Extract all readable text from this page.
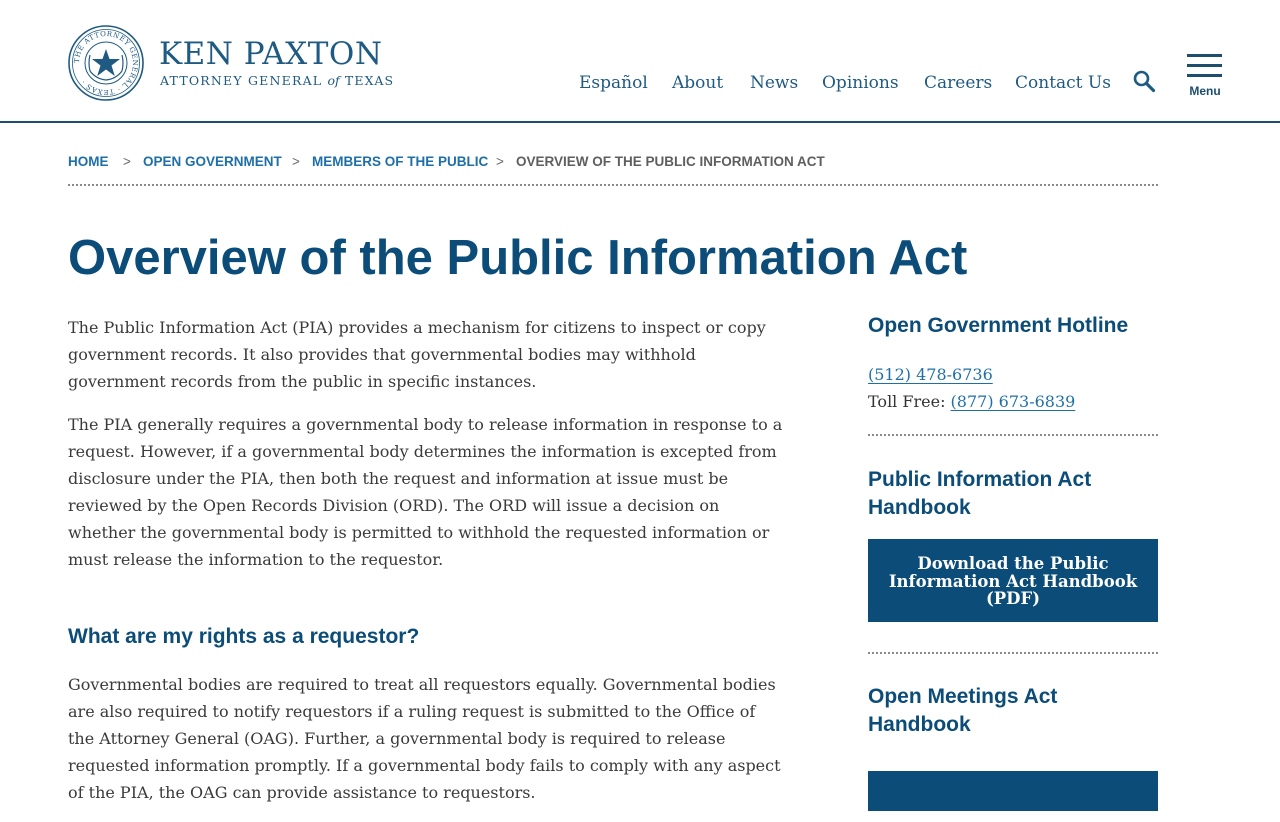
THE ATTORNEY GENERAL · TEXAS ·
KEN PAXTON
ATTORNEY GENERAL of TEXAS	Español About News Opinions Careers Contact Us	Menu
HOME > OPEN GOVERNMENT > MEMBERS OF THE PUBLIC > OVERVIEW OF THE PUBLIC INFORMATION ACT
Overview of the Public Information Act

The Public Information Act (PIA) provides a mechanism for citizens to inspect or copy government records. It also provides that governmental bodies may withhold government records from the public in specific instances.

The PIA generally requires a governmental body to release information in response to a request. However, if a governmental body determines the information is excepted from disclosure under the PIA, then both the request and information at issue must be reviewed by the Open Records Division (ORD). The ORD will issue a decision on whether the governmental body is permitted to withhold the requested information or must release the information to the requestor.

What are my rights as a requestor?

Governmental bodies are required to treat all requestors equally. Governmental bodies are also required to notify requestors if a ruling request is submitted to the Office of the Attorney General (OAG). Further, a governmental body is required to release requested information promptly. If a governmental body fails to comply with any aspect of the PIA, the OAG can provide assistance to requestors.

Open Government Hotline
(512) 478-6736
Toll Free: (877) 673-6839
Public Information Act Handbook
Download the Public Information Act Handbook (PDF)
Open Meetings Act Handbook
